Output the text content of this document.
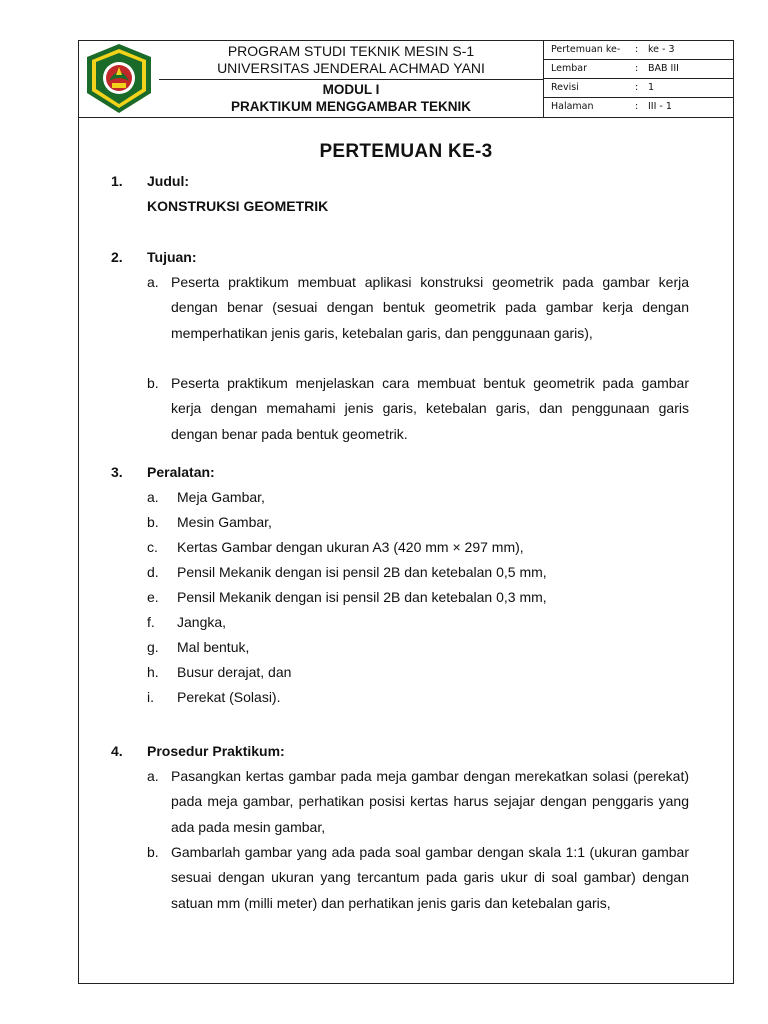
PROGRAM STUDI TEKNIK MESIN S-1
UNIVERSITAS JENDERAL ACHMAD YANI
MODUL I
PRAKTIKUM MENGGAMBAR TEKNIK
Pertemuan ke- : ke - 3
Lembar	: BAB III
Revisi	: 1
Halaman	: III - 1
PERTEMUAN KE-3
1. Judul:
KONSTRUKSI GEOMETRIK
2. Tujuan:
a. Peserta praktikum membuat aplikasi konstruksi geometrik pada gambar kerja dengan benar (sesuai dengan bentuk geometrik pada gambar kerja dengan memperhatikan jenis garis, ketebalan garis, dan penggunaan garis),
b. Peserta praktikum menjelaskan cara membuat bentuk geometrik pada gambar kerja dengan memahami jenis garis, ketebalan garis, dan penggunaan garis dengan benar pada bentuk geometrik.
3. Peralatan:
a. Meja Gambar,
b. Mesin Gambar,
c. Kertas Gambar dengan ukuran A3 (420 mm × 297 mm),
d. Pensil Mekanik dengan isi pensil 2B dan ketebalan 0,5 mm,
e. Pensil Mekanik dengan isi pensil 2B dan ketebalan 0,3 mm,
f. Jangka,
g. Mal bentuk,
h. Busur derajat, dan
i. Perekat (Solasi).
4. Prosedur Praktikum:
a. Pasangkan kertas gambar pada meja gambar dengan merekatkan solasi (perekat) pada meja gambar, perhatikan posisi kertas harus sejajar dengan penggaris yang ada pada mesin gambar,
b. Gambarlah gambar yang ada pada soal gambar dengan skala 1:1 (ukuran gambar sesuai dengan ukuran yang tercantum pada garis ukur di soal gambar) dengan satuan mm (milli meter) dan perhatikan jenis garis dan ketebalan garis,
